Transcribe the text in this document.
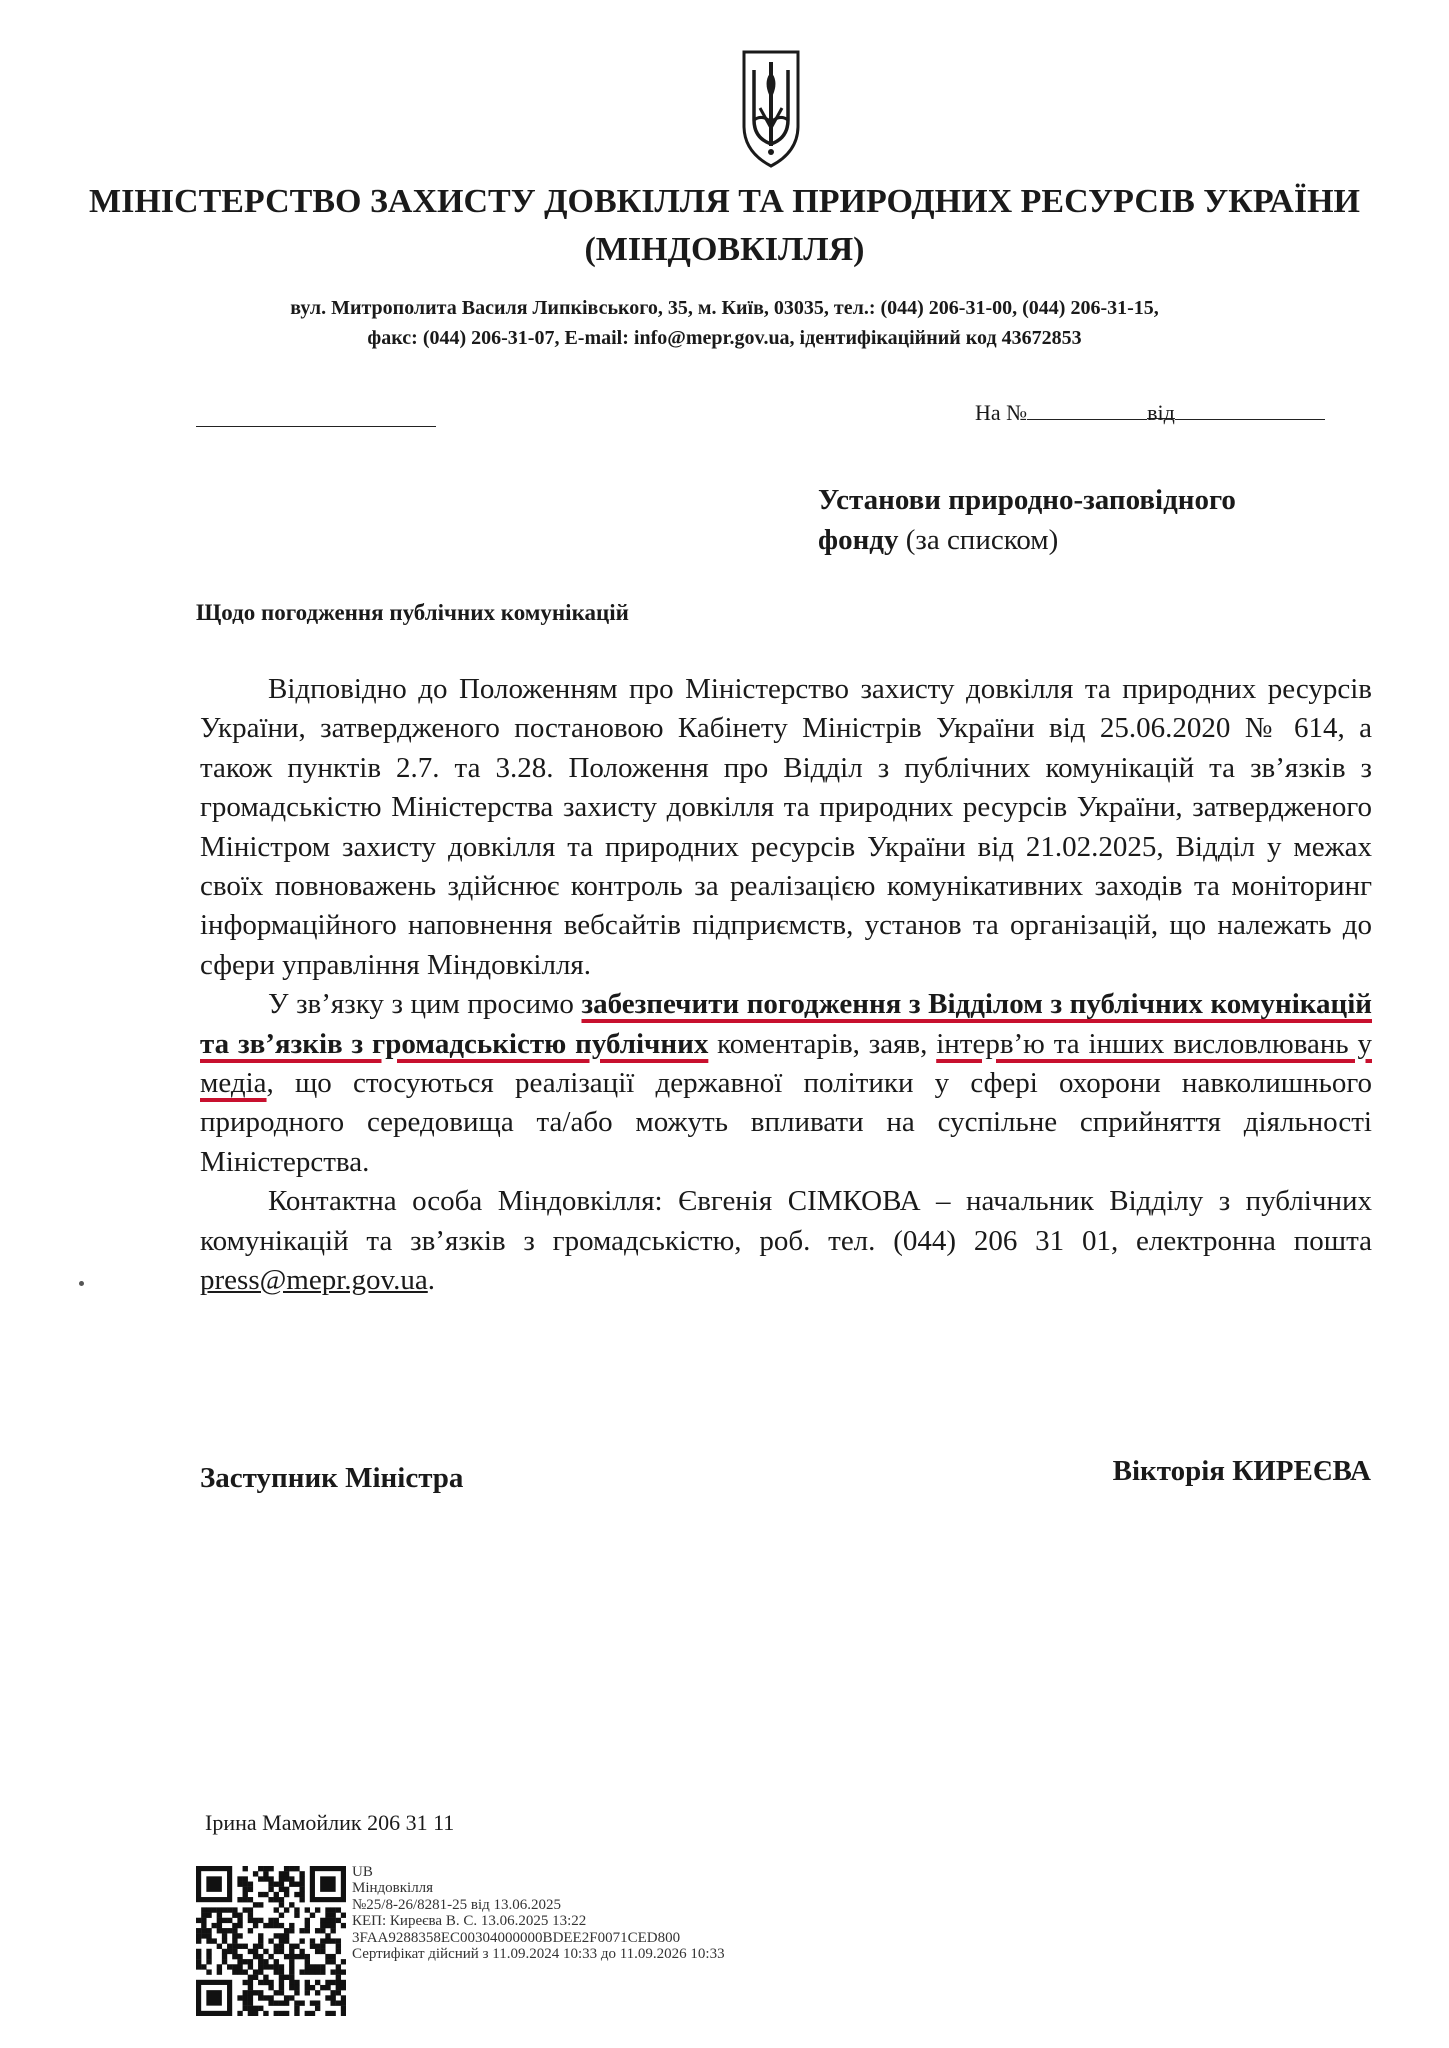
МІНІСТЕРСТВО ЗАХИСТУ ДОВКІЛЛЯ ТА ПРИРОДНИХ РЕСУРСІВ УКРАЇНИ
(МІНДОВКІЛЛЯ)
вул. Митрополита Василя Липківського, 35, м. Київ, 03035, тел.: (044) 206-31-00, (044) 206-31-15,
факс: (044) 206-31-07, E-mail: info@mepr.gov.ua, ідентифікаційний код 43672853
На №	від
Установи природно-заповідного
фонду (за списком)
Щодо погодження публічних комунікацій

Відповідно до Положенням про Міністерство захисту довкілля та природних ресурсів України, затвердженого постановою Кабінету Міністрів України від 25.06.2020 № 614, а також пунктів 2.7. та 3.28. Положення про Відділ з публічних комунікацій та зв’язків з громадськістю Міністерства захисту довкілля та природних ресурсів України, затвердженого Міністром захисту довкілля та природних ресурсів України від 21.02.2025, Відділ у межах своїх повноважень здійснює контроль за реалізацією комунікативних заходів та моніторинг інформаційного наповнення вебсайтів підприємств, установ та організацій, що належать до сфери управління Міндовкілля.

У зв’язку з цим просимо забезпечити погодження з Відділом з публічних комунікацій та зв’язків з громадськістю публічних коментарів, заяв, інтерв’ю та інших висловлювань у медіа, що стосуються реалізації державної політики у сфері охорони навколишнього природного середовища та/або можуть впливати на суспільне сприйняття діяльності Міністерства.

Контактна особа Міндовкілля: Євгенія СІМКОВА – начальник Відділу з публічних комунікацій та зв’язків з громадськістю, роб. тел. (044) 206 31 01, електронна пошта press@mepr.gov.ua.

Заступник Міністра	Вікторія КИРЕЄВА
Ірина Мамойлик 206 31 11
UB
Міндовкілля
№25/8-26/8281-25 від 13.06.2025
КЕП: Киреєва В. С. 13.06.2025 13:22
3FAA9288358EC00304000000BDEE2F0071CED800
Сертифікат дійсний з 11.09.2024 10:33 до 11.09.2026 10:33
